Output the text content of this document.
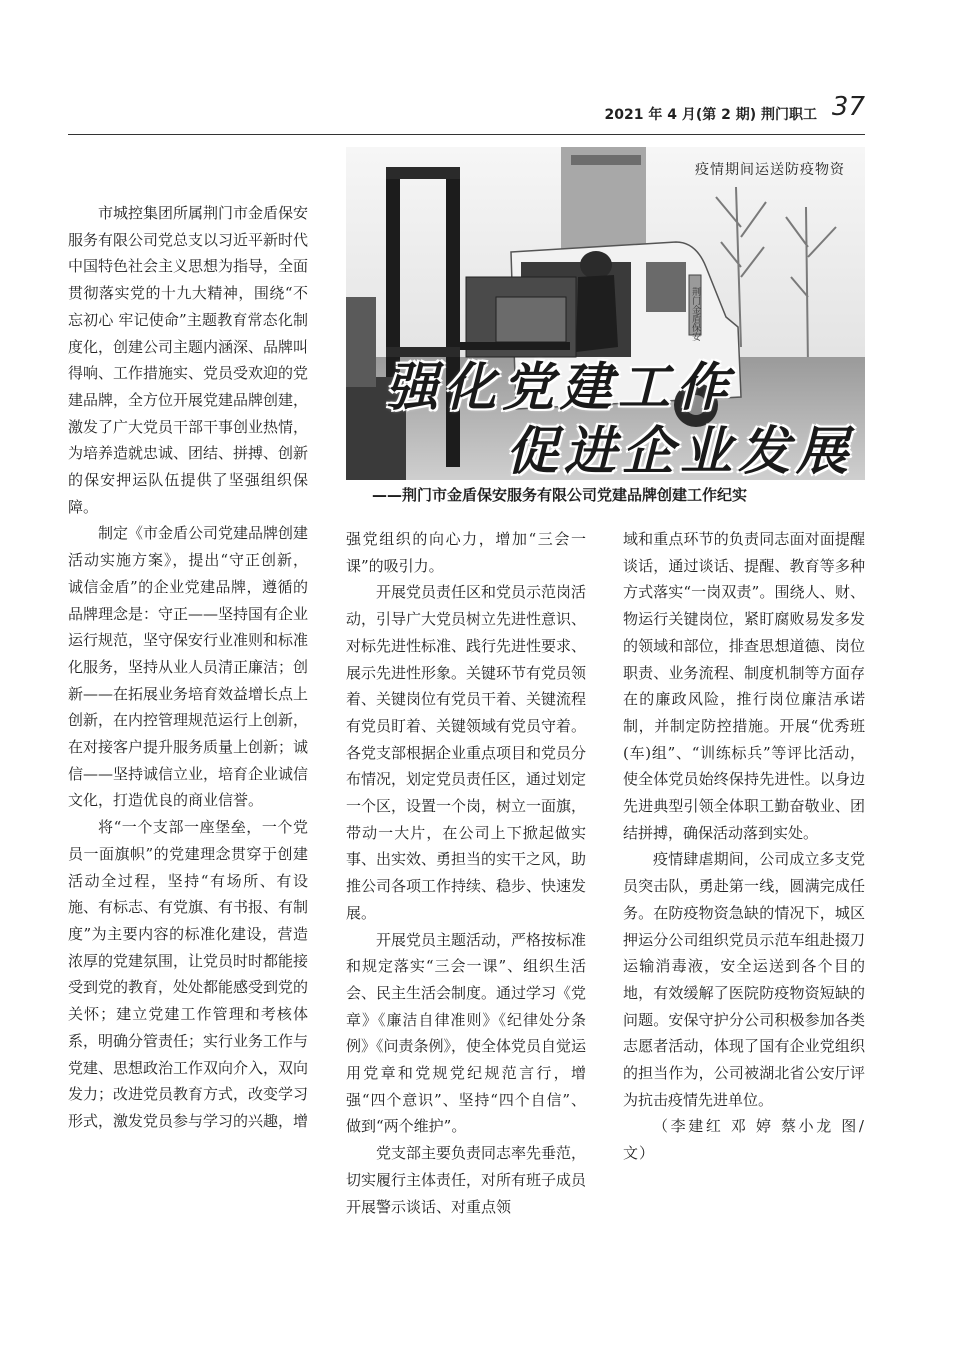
2021 年 4 月(第 2 期) 荆门职工 37
荆门金盾保安
疫情期间运送防疫物资
强化党建工作
促进企业发展
——荆门市金盾保安服务有限公司党建品牌创建工作纪实

市城控集团所属荆门市金盾保安服务有限公司党总支以习近平新时代中国特色社会主义思想为指导，全面贯彻落实党的十九大精神，围绕“不忘初心 牢记使命”主题教育常态化制度化，创建公司主题内涵深、品牌叫得响、工作措施实、党员受欢迎的党建品牌，全方位开展党建品牌创建，激发了广大党员干部干事创业热情，为培养造就忠诚、团结、拼搏、创新的保安押运队伍提供了坚强组织保障。

制定《市金盾公司党建品牌创建活动实施方案》，提出“守正创新，诚信金盾”的企业党建品牌，遵循的品牌理念是：守正——坚持国有企业运行规范，坚守保安行业准则和标准化服务，坚持从业人员清正廉洁；创新——在拓展业务培育效益增长点上创新，在内控管理规范运行上创新，在对接客户提升服务质量上创新；诚信——坚持诚信立业，培育企业诚信文化，打造优良的商业信誉。

将“一个支部一座堡垒，一个党员一面旗帜”的党建理念贯穿于创建活动全过程，坚持“有场所、有设施、有标志、有党旗、有书报、有制度”为主要内容的标准化建设，营造浓厚的党建氛围，让党员时时都能接受到党的教育，处处都能感受到党的关怀；建立党建工作管理和考核体系，明确分管责任；实行业务工作与党建、思想政治工作双向介入，双向发力；改进党员教育方式，改变学习形式，激发党员参与学习的兴趣，增

强党组织的向心力，增加“三会一课”的吸引力。

开展党员责任区和党员示范岗活动，引导广大党员树立先进性意识、对标先进性标准、践行先进性要求、展示先进性形象。关键环节有党员领着、关键岗位有党员干着、关键流程有党员盯着、关键领域有党员守着。各党支部根据企业重点项目和党员分布情况，划定党员责任区，通过划定一个区，设置一个岗，树立一面旗，带动一大片，在公司上下掀起做实事、出实效、勇担当的实干之风，助推公司各项工作持续、稳步、快速发展。

开展党员主题活动，严格按标准和规定落实“三会一课”、组织生活会、民主生活会制度。通过学习《党章》《廉洁自律准则》《纪律处分条例》《问责条例》，使全体党员自觉运用党章和党规党纪规范言行，增强“四个意识”、坚持“四个自信”、做到“两个维护”。

党支部主要负责同志率先垂范，切实履行主体责任，对所有班子成员开展警示谈话、对重点领

域和重点环节的负责同志面对面提醒谈话，通过谈话、提醒、教育等多种方式落实“一岗双责”。围绕人、财、物运行关键岗位，紧盯腐败易发多发的领域和部位，排查思想道德、岗位职责、业务流程、制度机制等方面存在的廉政风险，推行岗位廉洁承诺制，并制定防控措施。开展“优秀班(车)组”、“训练标兵”等评比活动，使全体党员始终保持先进性。以身边先进典型引领全体职工勤奋敬业、团结拼搏，确保活动落到实处。

疫情肆虐期间，公司成立多支党员突击队，勇赴第一线，圆满完成任务。在防疫物资急缺的情况下，城区押运分公司组织党员示范车组赴掇刀运输消毒液，安全运送到各个目的地，有效缓解了医院防疫物资短缺的问题。安保守护分公司积极参加各类志愿者活动，体现了国有企业党组织的担当作为，公司被湖北省公安厅评为抗击疫情先进单位。

（李建红 邓 婷 蔡小龙 图/文）
